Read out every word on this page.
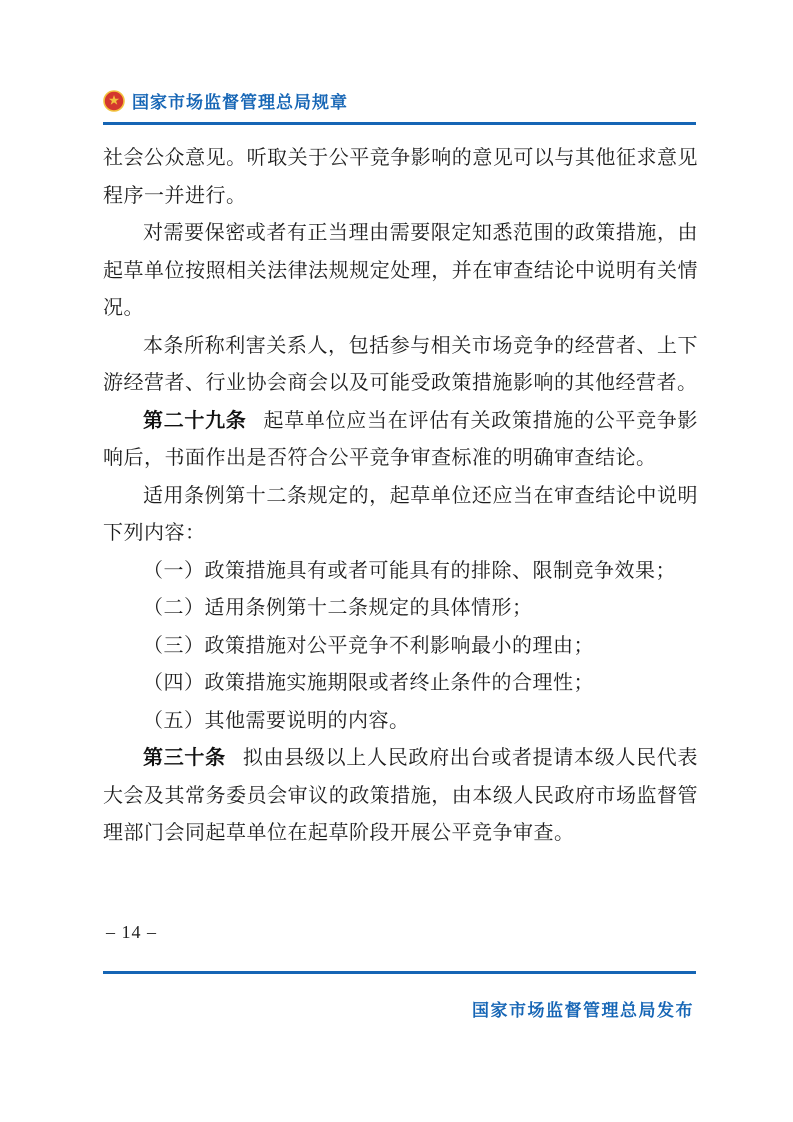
国家市场监督管理总局规章

社会公众意见。听取关于公平竞争影响的意见可以与其他征求意见程序一并进行。

对需要保密或者有正当理由需要限定知悉范围的政策措施，由起草单位按照相关法律法规规定处理，并在审查结论中说明有关情况。

本条所称利害关系人，包括参与相关市场竞争的经营者、上下游经营者、行业协会商会以及可能受政策措施影响的其他经营者。

第二十九条 起草单位应当在评估有关政策措施的公平竞争影响后，书面作出是否符合公平竞争审查标准的明确审查结论。

适用条例第十二条规定的，起草单位还应当在审查结论中说明下列内容：

（一）政策措施具有或者可能具有的排除、限制竞争效果；

（二）适用条例第十二条规定的具体情形；

（三）政策措施对公平竞争不利影响最小的理由；

（四）政策措施实施期限或者终止条件的合理性；

（五）其他需要说明的内容。

第三十条 拟由县级以上人民政府出台或者提请本级人民代表大会及其常务委员会审议的政策措施，由本级人民政府市场监督管理部门会同起草单位在起草阶段开展公平竞争审查。

– 14 –
国家市场监督管理总局发布
